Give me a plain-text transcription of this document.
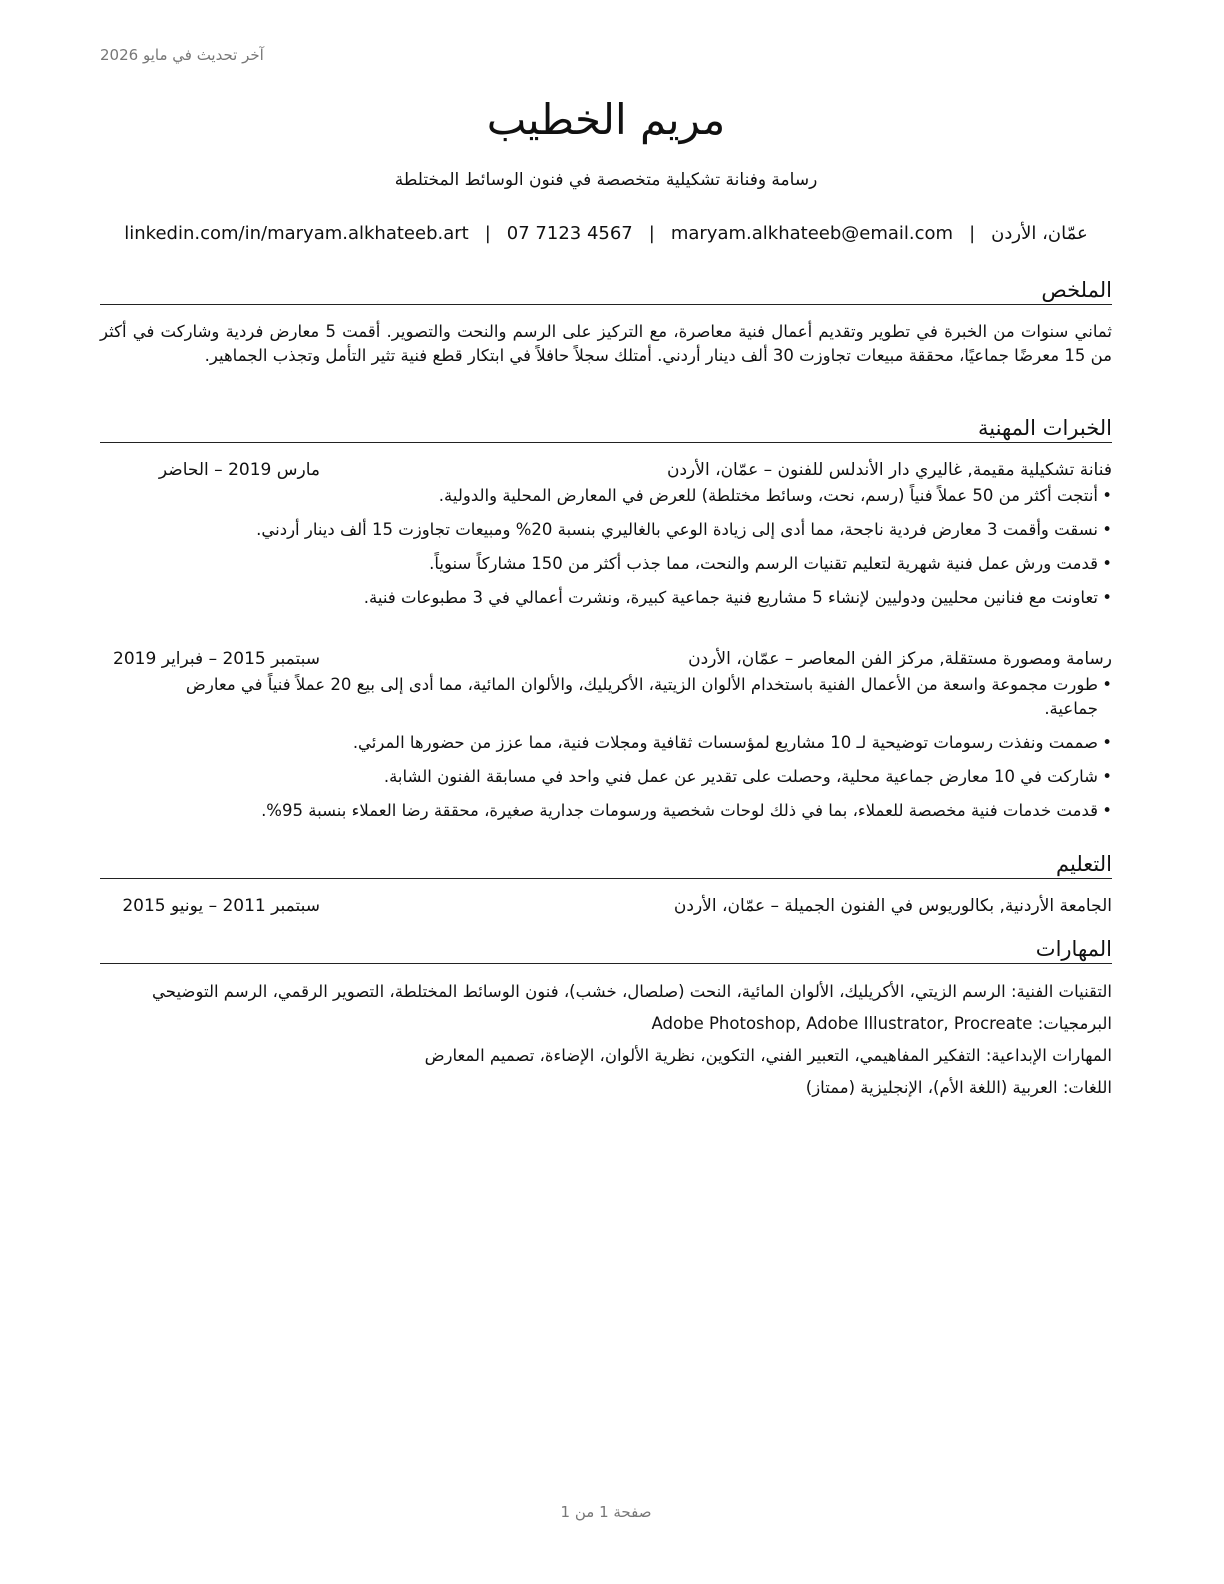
آخر تحديث في مايو 2026
مريم الخطيب
رسامة وفنانة تشكيلية متخصصة في فنون الوسائط المختلطة
عمّان، الأردن|maryam.alkhateeb@email.com|07 7123 4567|linkedin.com/in/maryam.alkhateeb.art
الملخص
ثماني سنوات من الخبرة في تطوير وتقديم أعمال فنية معاصرة، مع التركيز على الرسم والنحت والتصوير. أقمت 5 معارض فردية وشاركت في أكثر من 15 معرضًا جماعيًا، محققة مبيعات تجاوزت 30 ألف دينار أردني. أمتلك سجلاً حافلاً في ابتكار قطع فنية تثير التأمل وتجذب الجماهير.
الخبرات المهنية
فنانة تشكيلية مقيمة, غاليري دار الأندلس للفنون – عمّان، الأردن
مارس 2019 – الحاضر
•
أنتجت أكثر من 50 عملاً فنياً (رسم، نحت، وسائط مختلطة) للعرض في المعارض المحلية والدولية.
•
نسقت وأقمت 3 معارض فردية ناجحة، مما أدى إلى زيادة الوعي بالغاليري بنسبة 20% ومبيعات تجاوزت 15 ألف دينار أردني.
•
قدمت ورش عمل فنية شهرية لتعليم تقنيات الرسم والنحت، مما جذب أكثر من 150 مشاركاً سنوياً.
•
تعاونت مع فنانين محليين ودوليين لإنشاء 5 مشاريع فنية جماعية كبيرة، ونشرت أعمالي في 3 مطبوعات فنية.
رسامة ومصورة مستقلة, مركز الفن المعاصر – عمّان، الأردن
سبتمبر 2015 – فبراير 2019
•
طورت مجموعة واسعة من الأعمال الفنية باستخدام الألوان الزيتية، الأكريليك، والألوان المائية، مما أدى إلى بيع 20 عملاً فنياً في معارض جماعية.
•
صممت ونفذت رسومات توضيحية لـ 10 مشاريع لمؤسسات ثقافية ومجلات فنية، مما عزز من حضورها المرئي.
•
شاركت في 10 معارض جماعية محلية، وحصلت على تقدير عن عمل فني واحد في مسابقة الفنون الشابة.
•
قدمت خدمات فنية مخصصة للعملاء، بما في ذلك لوحات شخصية ورسومات جدارية صغيرة، محققة رضا العملاء بنسبة 95%.
التعليم
الجامعة الأردنية, بكالوريوس في الفنون الجميلة – عمّان، الأردن
سبتمبر 2011 – يونيو 2015
المهارات
التقنيات الفنية: الرسم الزيتي، الأكريليك، الألوان المائية، النحت (صلصال، خشب)، فنون الوسائط المختلطة، التصوير الرقمي، الرسم التوضيحي
البرمجيات: Adobe Photoshop, Adobe Illustrator, Procreate
المهارات الإبداعية: التفكير المفاهيمي، التعبير الفني، التكوين، نظرية الألوان، الإضاءة، تصميم المعارض
اللغات: العربية (اللغة الأم)، الإنجليزية (ممتاز)
صفحة 1 من 1
